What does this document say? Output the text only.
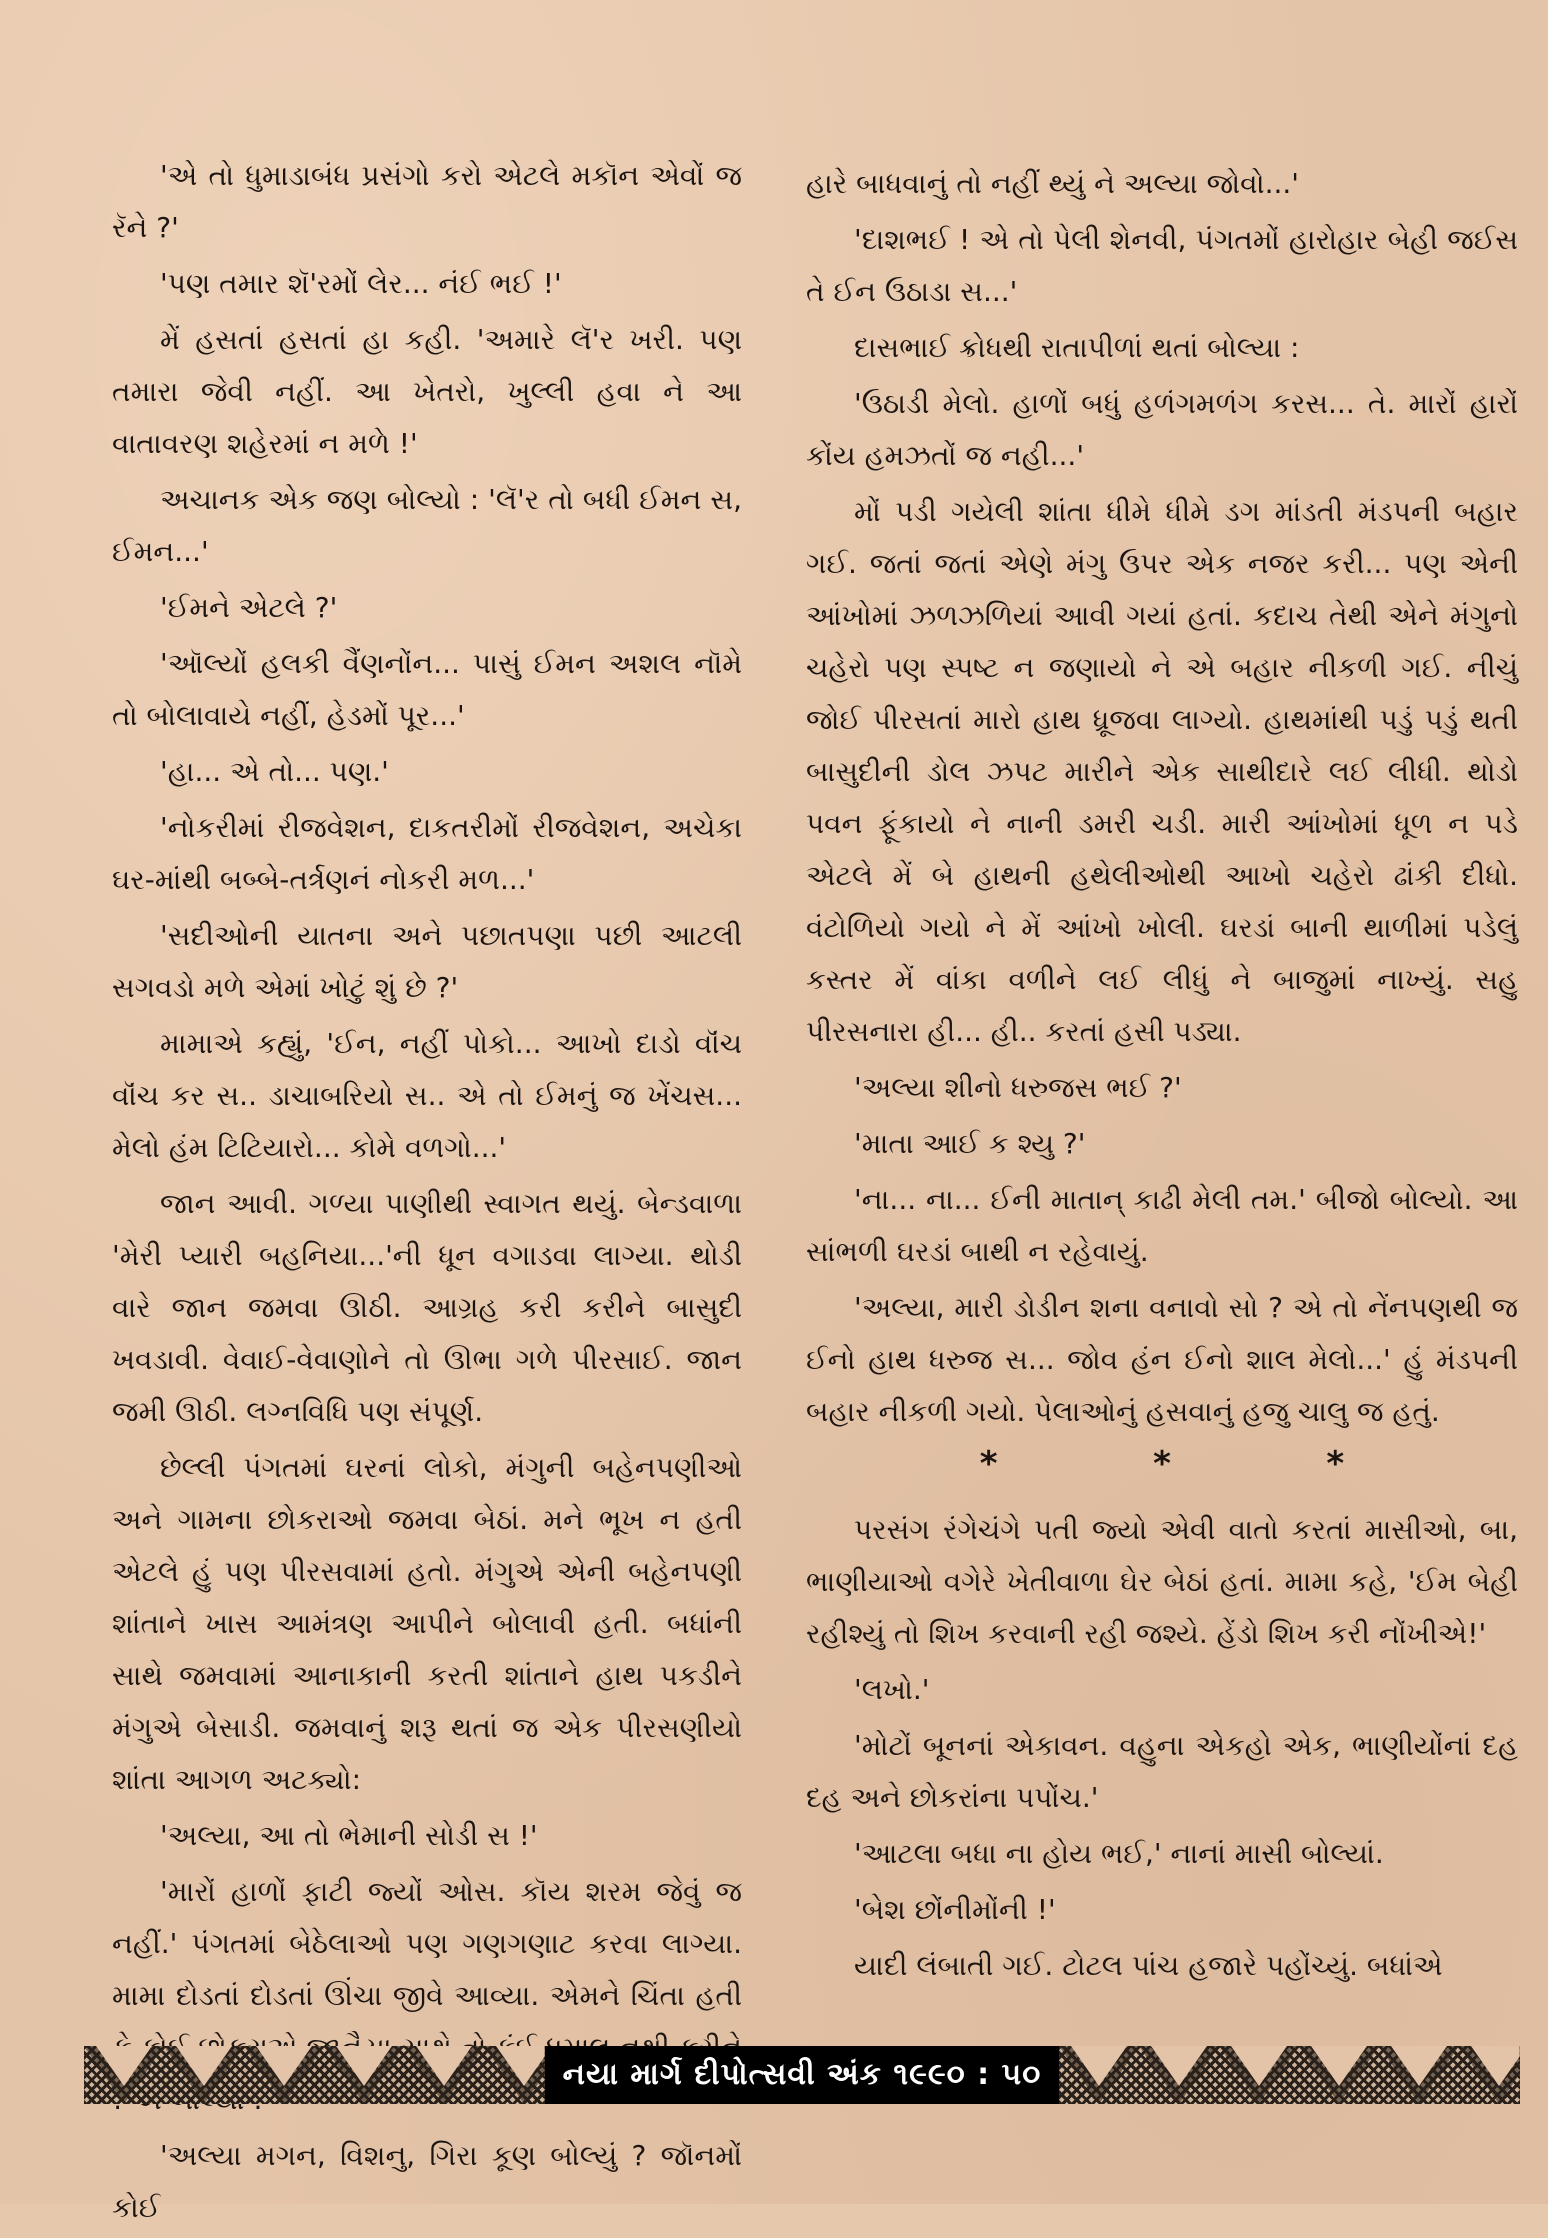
'એ તો ધુમાડાબંધ પ્રસંગો કરો એટલે મકૉન એવોં જ રૅને ?'

'પણ તમાર શૅ'રમોં લેર... નંઈ ભઈ !'

મેં હસતાં હસતાં હા કહી. 'અમારે લૅ'ર ખરી. પણ તમારા જેવી નહીં. આ ખેતરો, ખુલ્લી હવા ને આ વાતાવરણ શહેરમાં ન મળે !'

અચાનક એક જણ બોલ્યો : 'લૅ'ર તો બધી ઈમન સ, ઈમન...'

'ઈમને એટલે ?'

'ઑલ્યોં હલકી વૈંણનોંન... પાસું ઈમન અશલ નૉમે તો બોલાવાયે નહીં, હેડમોં પૂર...'

'હા... એ તો... પણ.'

'નોકરીમાં રીજવેશન, દાકતરીમોં રીજવેશન, અચેકા ઘર-માંથી બબ્બે-તર્ત્રણનં નોકરી મળ...'

'સદીઓની યાતના અને પછાતપણા પછી આટલી સગવડો મળે એમાં ખોટું શું છે ?'

મામાએ કહ્યું, 'ઈન, નહીં પોકો... આખો દાડો વૉંચ વૉંચ કર સ.. ડાચાબરિયો સ.. એ તો ઈમનું જ ખેંચસ... મેલો હંમ ટિટિયારો... કોમે વળગો...'

જાન આવી. ગળ્યા પાણીથી સ્વાગત થયું. બેન્ડવાળા 'મેરી પ્યારી બહનિયા...'ની ધૂન વગાડવા લાગ્યા. થોડી વારે જાન જમવા ઊઠી. આગ્રહ કરી કરીને બાસુદી ખવડાવી. વેવાઈ-વેવાણોને તો ઊભા ગળે પીરસાઈ. જાન જમી ઊઠી. લગ્નવિધિ પણ સંપૂર્ણ.

છેલ્લી પંગતમાં ઘરનાં લોકો, મંગુની બહેનપણીઓ અને ગામના છોકરાઓ જમવા બેઠાં. મને ભૂખ ન હતી એટલે હું પણ પીરસવામાં હતો. મંગુએ એની બહેનપણી શાંતાને ખાસ આમંત્રણ આપીને બોલાવી હતી. બધાંની સાથે જમવામાં આનાકાની કરતી શાંતાને હાથ પકડીને મંગુએ બેસાડી. જમવાનું શરૂ થતાં જ એક પીરસણીયો શાંતા આગળ અટક્યો:

'અલ્યા, આ તો ભેમાની સોડી સ !'

'મારોં હાળોં ફાટી જ્યોં ઓસ. કૉય શરમ જેવું જ નહીં.' પંગતમાં બેઠેલાઓ પણ ગણગણાટ કરવા લાગ્યા. મામા દોડતાં દોડતાં ઊંચા જીવે આવ્યા. એમને ચિંતા હતી

'અલ્યા મગન, વિશનુ, ગિરા કૂણ બોલ્યું ? જૉનમોં કોઈ

હારે બાધવાનું તો નહીં થ્યું ને અલ્યા જોવો...'

'દાશભઈ ! એ તો પેલી શેનવી, પંગતમોં હારોહાર બેહી જઈસ તે ઈન ઉઠાડા સ...'

દાસભાઈ ક્રોધથી રાતાપીળાં થતાં બોલ્યા :

'ઉઠાડી મેલો. હાળોં બધું હળંગમળંગ કરસ... તે. મારોં હારોં કોંય હમઝતોં જ નહી...'

મોં પડી ગયેલી શાંતા ધીમે ધીમે ડગ માંડતી મંડપની બહાર ગઈ. જતાં જતાં એણે મંગુ ઉપર એક નજર કરી... પણ એની આંખોમાં ઝળઝળિયાં આવી ગયાં હતાં. કદાચ તેથી એને મંગુનો ચહેરો પણ સ્પષ્ટ ન જણાયો ને એ બહાર નીકળી ગઈ. નીચું જોઈ પીરસતાં મારો હાથ ધ્રૂજવા લાગ્યો. હાથમાંથી પડું પડું થતી બાસુદીની ડોલ ઝપટ મારીને એક સાથીદારે લઈ લીધી. થોડો પવન ફૂંકાયો ને નાની ડમરી ચડી. મારી આંખોમાં ધૂળ ન પડે એટલે મેં બે હાથની હથેલીઓથી આખો ચહેરો ઢાંકી દીધો. વંટોળિયો ગયો ને મેં આંખો ખોલી. ઘરડાં બાની થાળીમાં પડેલું કસ્તર મેં વાંકા વળીને લઈ લીધું ને બાજુમાં નાખ્યું. સહુ પીરસનારા હી... હી.. કરતાં હસી પડ્યા.

'અલ્યા શીનો ધરુજસ ભઈ ?'

'માતા આઈ ક શ્યુ ?'

'ના... ના... ઈની માતાન્ કાઢી મેલી તમ.' બીજો બોલ્યો. આ સાંભળી ઘરડાં બાથી ન રહેવાયું.

'અલ્યા, મારી ડોડીન શના વનાવો સો ? એ તો નેંનપણથી જ ઈનો હાથ ધરુજ સ... જોવ હંન ઈનો શાલ મેલો...' હું મંડપની બહાર નીકળી ગયો. પેલાઓનું હસવાનું હજુ ચાલુ જ હતું.

*	*	*

પરસંગ રંગેચંગે પતી જ્યો એવી વાતો કરતાં માસીઓ, બા, ભાણીયાઓ વગેરે ખેતીવાળા ઘેર બેઠાં હતાં. મામા કહે, 'ઈમ બેહી રહીશ્યું તો શિખ કરવાની રહી જશ્યે. હેંડો શિખ કરી નોંખીએ!'

'લખો.'

'મોટોં બૂનનાં એકાવન. વહુના એકહો એક, ભાણીયોંનાં દહ દહ અને છોકરાંના પપોંચ.'

'આટલા બધા ના હોય ભઈ,' નાનાં માસી બોલ્યાં.

'બેશ છોંનીમોંની !'

યાદી લંબાતી ગઈ. ટોટલ પાંચ હજારે પહોંચ્યું. બધાંએ

નયા માર્ગ દીપોત્સવી અંક ૧૯૯૦ : ૫૦
